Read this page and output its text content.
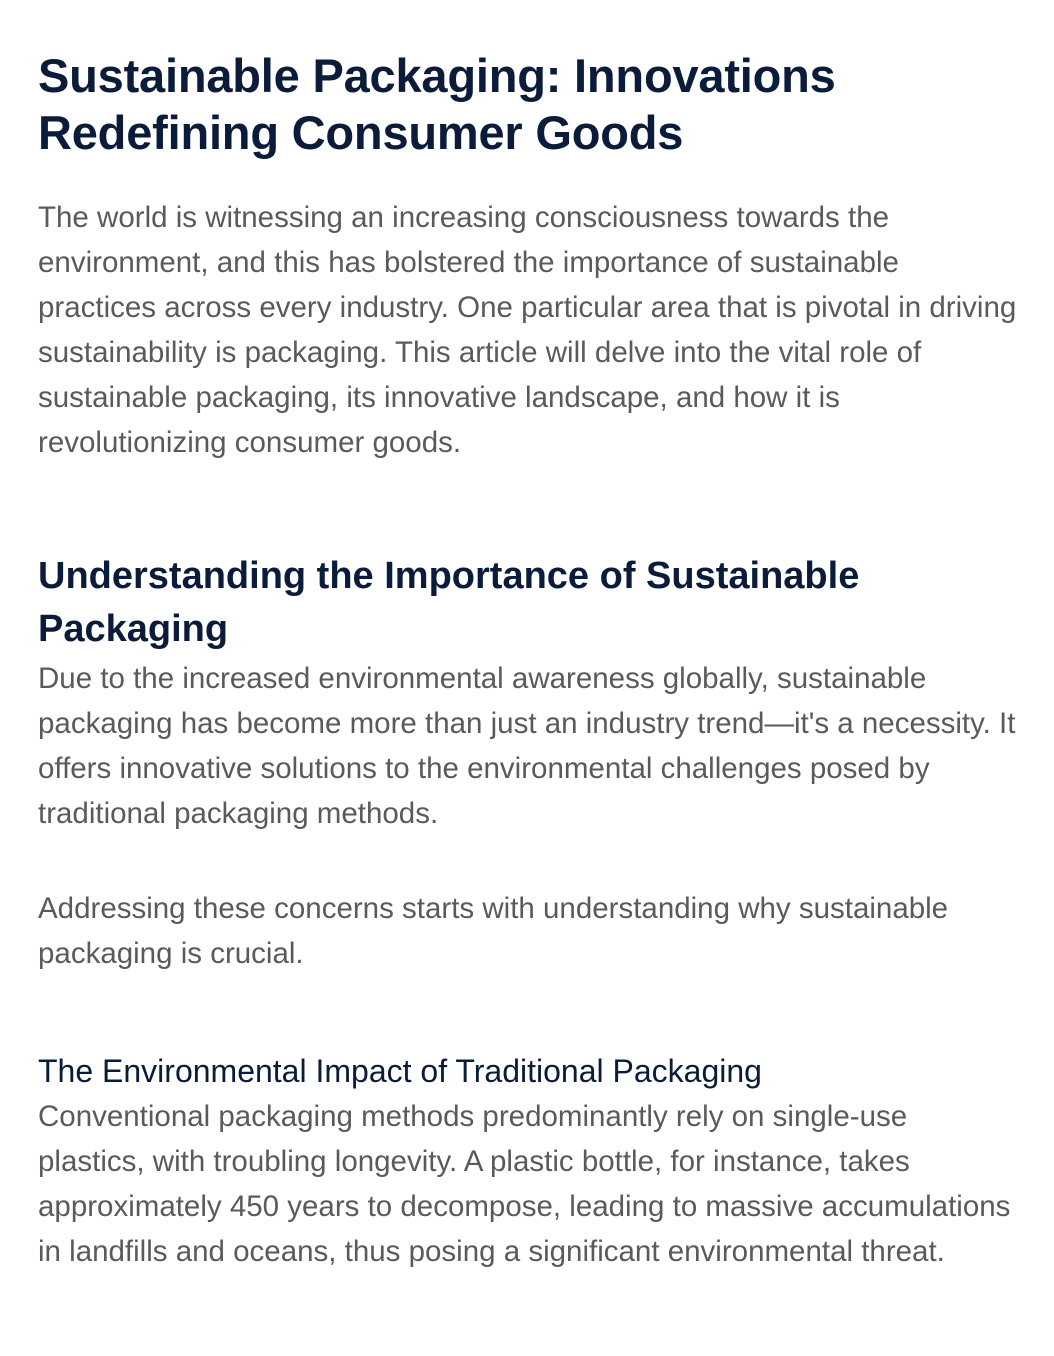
Sustainable Packaging: Innovations Redefining Consumer Goods

The world is witnessing an increasing consciousness towards the environment, and this has bolstered the importance of sustainable practices across every industry. One particular area that is pivotal in driving sustainability is packaging. This article will delve into the vital role of sustainable packaging, its innovative landscape, and how it is revolutionizing consumer goods.

Understanding the Importance of Sustainable Packaging

Due to the increased environmental awareness globally, sustainable packaging has become more than just an industry trend—it's a necessity. It offers innovative solutions to the environmental challenges posed by traditional packaging methods.

Addressing these concerns starts with understanding why sustainable packaging is crucial.

The Environmental Impact of Traditional Packaging

Conventional packaging methods predominantly rely on single-use plastics, with troubling longevity. A plastic bottle, for instance, takes approximately 450 years to decompose, leading to massive accumulations in landfills and oceans, thus posing a significant environmental threat.
